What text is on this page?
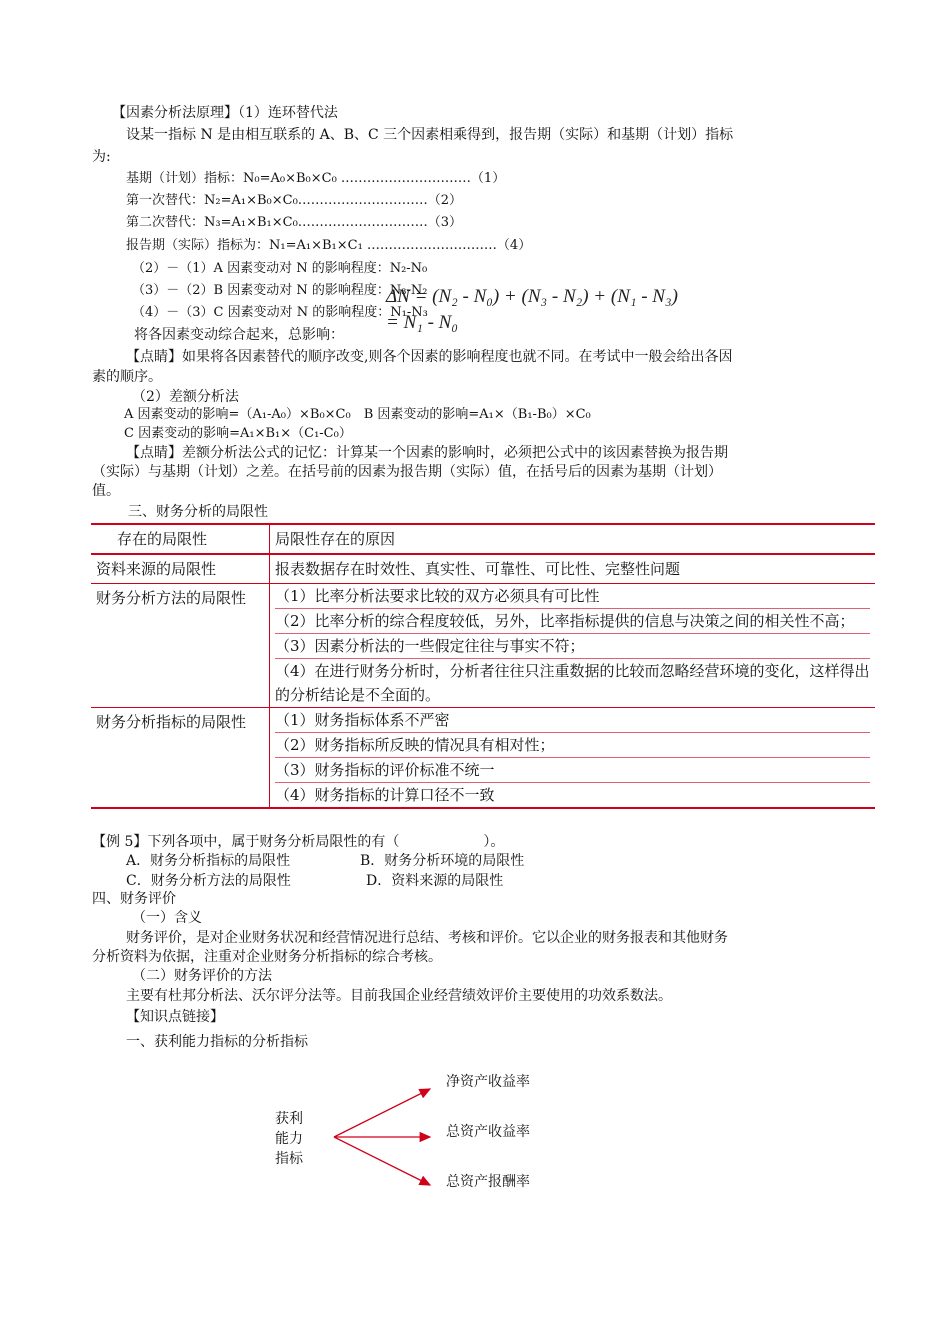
【因素分析法原理】（1）连环替代法
设某一指标 N 是由相互联系的 A、B、C 三个因素相乘得到，报告期（实际）和基期（计划）指标
为:
基期（计划）指标：N₀=A₀×B₀×C₀ …………………………（1）
第一次替代：N₂=A₁×B₀×C₀…………………………（2）
第二次替代：N₃=A₁×B₁×C₀…………………………（3）
报告期（实际）指标为：N₁=A₁×B₁×C₁ …………………………（4）
（2）－（1）A 因素变动对 N 的影响程度：N₂-N₀
（3）－（2）B 因素变动对 N 的影响程度：N₃-N₂
（4）－（3）C 因素变动对 N 的影响程度：N₁-N₃
将各因素变动综合起来，总影响：
ΔN = (N₂ - N₀) + (N₃ - N₂) + (N₁ - N₃)
= N₁ - N₀
【点睛】如果将各因素替代的顺序改变,则各个因素的影响程度也就不同。在考试中一般会给出各因
素的顺序。
（2）差额分析法
A 因素变动的影响=（A₁-A₀）×B₀×C₀　B 因素变动的影响=A₁×（B₁-B₀）×C₀
C 因素变动的影响=A₁×B₁×（C₁-C₀）
【点睛】差额分析法公式的记忆：计算某一个因素的影响时，必须把公式中的该因素替换为报告期
（实际）与基期（计划）之差。在括号前的因素为报告期（实际）值，在括号后的因素为基期（计划）
值。
三、财务分析的局限性
存在的局限性	局限性存在的原因
资料来源的局限性	报表数据存在时效性、真实性、可靠性、可比性、完整性问题
财务分析方法的局限性	（1）比率分析法要求比较的双方必须具有可比性
（2）比率分析的综合程度较低，另外，比率指标提供的信息与决策之间的相关性不高；
（3）因素分析法的一些假定往往与事实不符；
（4）在进行财务分析时，分析者往往只注重数据的比较而忽略经营环境的变化，这样得出的分析结论是不全面的。

财务分析指标的局限性	（1）财务指标体系不严密
（2）财务指标所反映的情况具有相对性；
（3）财务指标的评价标准不统一
（4）财务指标的计算口径不一致
【例 5】下列各项中，属于财务分析局限性的有（　　　　　　）。
A．财务分析指标的局限性	B．财务分析环境的局限性
C．财务分析方法的局限性	D．资料来源的局限性
四、财务评价
（一）含义
财务评价，是对企业财务状况和经营情况进行总结、考核和评价。它以企业的财务报表和其他财务
分析资料为依据，注重对企业财务分析指标的综合考核。
（二）财务评价的方法
主要有杜邦分析法、沃尔评分法等。目前我国企业经营绩效评价主要使用的功效系数法。
【知识点链接】
一、获利能力指标的分析指标
获利
能力
指标
净资产收益率
总资产收益率
总资产报酬率
